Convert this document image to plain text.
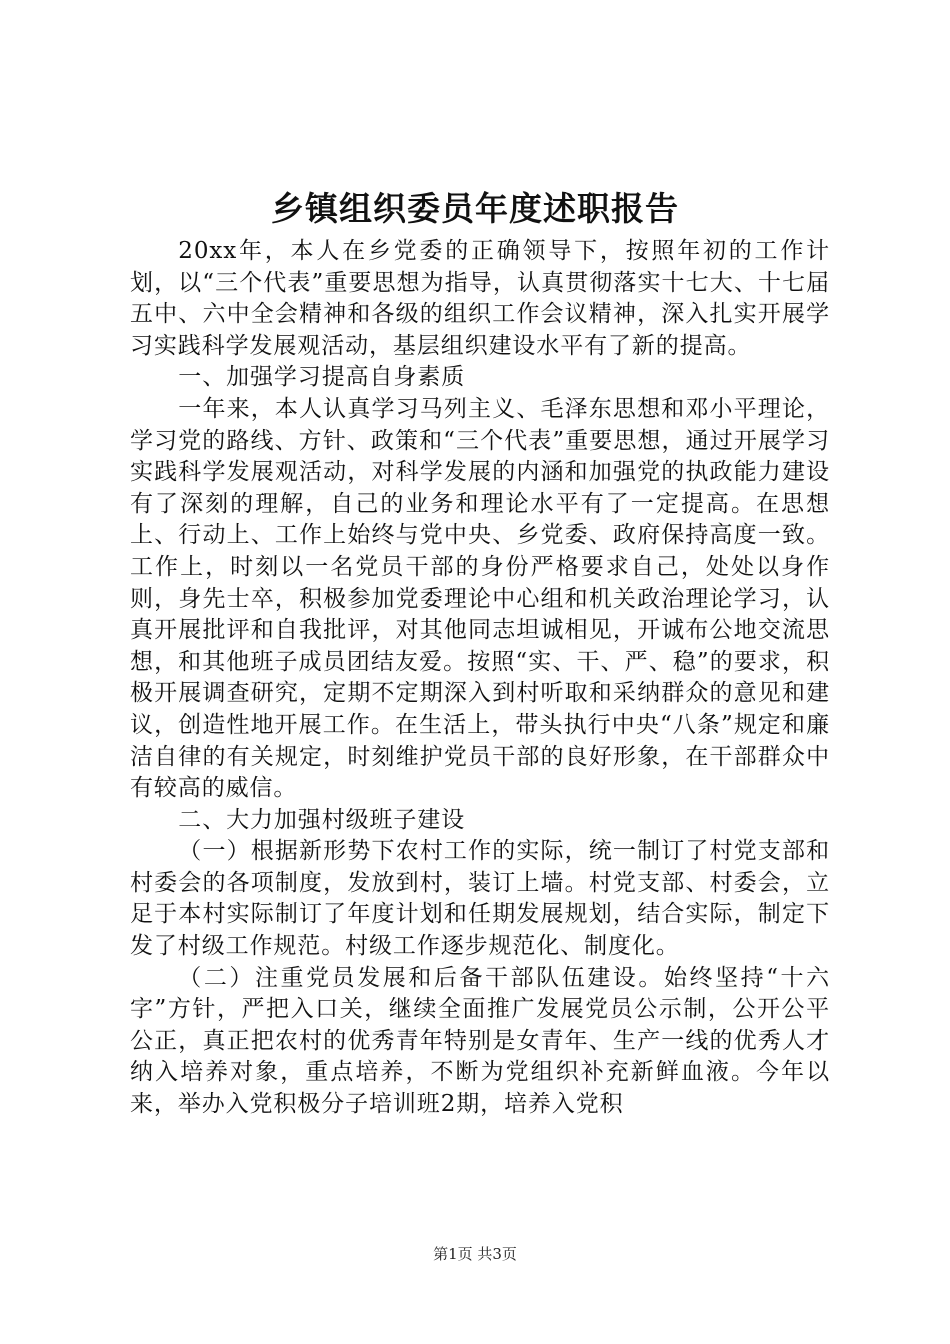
乡镇组织委员年度述职报告

20xx年，本人在乡党委的正确领导下，按照年初的工作计划，以“三个代表”重要思想为指导，认真贯彻落实十七大、十七届五中、六中全会精神和各级的组织工作会议精神，深入扎实开展学习实践科学发展观活动，基层组织建设水平有了新的提高。

一、加强学习提高自身素质

一年来，本人认真学习马列主义、毛泽东思想和邓小平理论，学习党的路线、方针、政策和“三个代表”重要思想，通过开展学习实践科学发展观活动，对科学发展的内涵和加强党的执政能力建设有了深刻的理解，自己的业务和理论水平有了一定提高。在思想上、行动上、工作上始终与党中央、乡党委、政府保持高度一致。工作上，时刻以一名党员干部的身份严格要求自己，处处以身作则，身先士卒，积极参加党委理论中心组和机关政治理论学习，认真开展批评和自我批评，对其他同志坦诚相见，开诚布公地交流思想，和其他班子成员团结友爱。按照“实、干、严、稳”的要求，积极开展调查研究，定期不定期深入到村听取和采纳群众的意见和建议，创造性地开展工作。在生活上，带头执行中央“八条”规定和廉洁自律的有关规定，时刻维护党员干部的良好形象，在干部群众中有较高的威信。

二、大力加强村级班子建设

（一）根据新形势下农村工作的实际，统一制订了村党支部和村委会的各项制度，发放到村，装订上墙。村党支部、村委会，立足于本村实际制订了年度计划和任期发展规划，结合实际，制定下发了村级工作规范。村级工作逐步规范化、制度化。

（二）注重党员发展和后备干部队伍建设。始终坚持“十六字”方针，严把入口关，继续全面推广发展党员公示制，公开公平公正，真正把农村的优秀青年特别是女青年、生产一线的优秀人才纳入培养对象，重点培养，不断为党组织补充新鲜血液。今年以来，举办入党积极分子培训班2期，培养入党积

第1页 共3页
